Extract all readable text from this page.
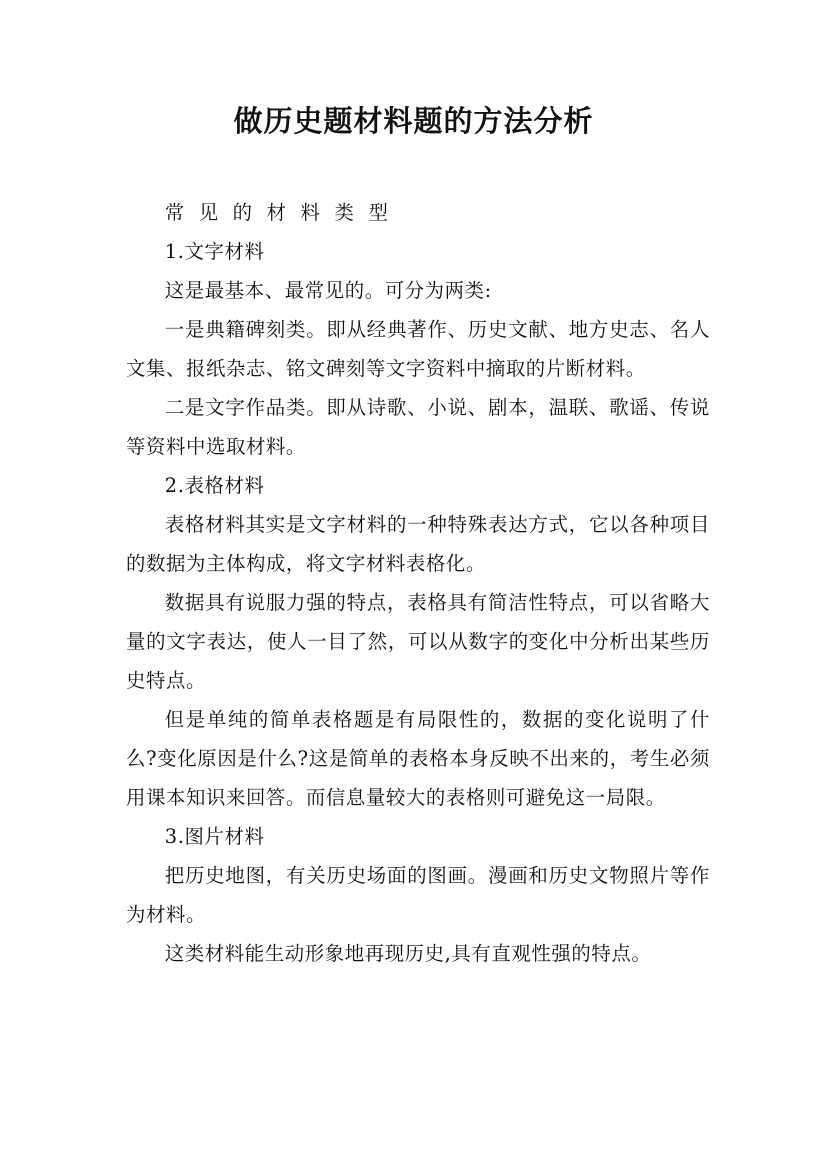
做历史题材料题的方法分析

常见的材料类型

1.文字材料

这是最基本、最常见的。可分为两类:

一是典籍碑刻类。即从经典著作、历史文献、地方史志、名人文集、报纸杂志、铭文碑刻等文字资料中摘取的片断材料。

二是文字作品类。即从诗歌、小说、剧本，温联、歌谣、传说等资料中选取材料。

2.表格材料

表格材料其实是文字材料的一种特殊表达方式，它以各种项目的数据为主体构成，将文字材料表格化。

数据具有说服力强的特点，表格具有简洁性特点，可以省略大量的文字表达，使人一目了然，可以从数字的变化中分析出某些历史特点。

但是单纯的简单表格题是有局限性的，数据的变化说明了什么?变化原因是什么?这是简单的表格本身反映不出来的，考生必须用课本知识来回答。而信息量较大的表格则可避免这一局限。

3.图片材料

把历史地图，有关历史场面的图画。漫画和历史文物照片等作为材料。

这类材料能生动形象地再现历史,具有直观性强的特点。
